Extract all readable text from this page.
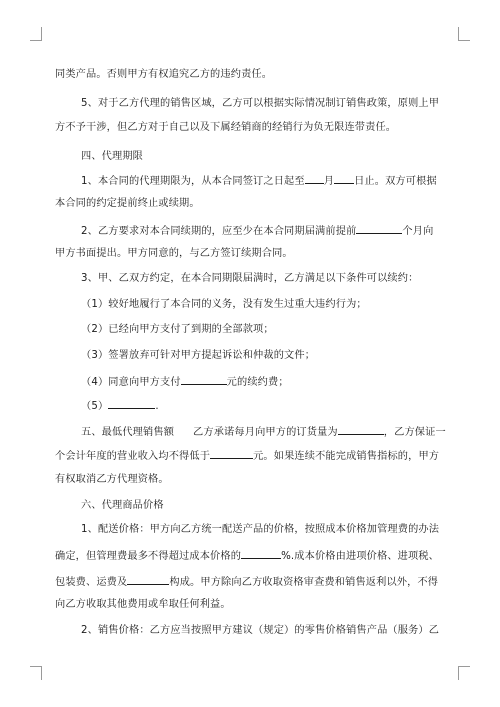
同类产品。否则甲方有权追究乙方的违约责任。
5、对于乙方代理的销售区域，乙方可以根据实际情况制订销售政策，原则上甲
方不予干涉，但乙方对于自己以及下属经销商的经销行为负无限连带责任。
四、代理期限
1、本合同的代理期限为，从本合同签订之日起至 月 日止。双方可根据
本合同的约定提前终止或续期。
2、乙方要求对本合同续期的，应至少在本合同期届满前提前	个月向
甲方书面提出。甲方同意的，与乙方签订续期合同。
3、甲、乙双方约定，在本合同期限届满时，乙方满足以下条件可以续约：
（1）较好地履行了本合同的义务，没有发生过重大违约行为；
（2）已经向甲方支付了到期的全部款项；
（3）签署放弃可针对甲方提起诉讼和仲裁的文件；
（4）同意向甲方支付	元的续约费；
（5）	.
五、最低代理销售额 乙方承诺每月向甲方的订货量为	，乙方保证一
个会计年度的营业收入均不得低于	元。如果连续不能完成销售指标的，甲方
有权取消乙方代理资格。
六、代理商品价格
1、配送价格：甲方向乙方统一配送产品的价格，按照成本价格加管理费的办法
确定，但管理费最多不得超过成本价格的	%.成本价格由进项价格、进项税、
包装费、运费及	构成。甲方除向乙方收取资格审查费和销售返利以外，不得
向乙方收取其他费用或牟取任何利益。
2、销售价格：乙方应当按照甲方建议（规定）的零售价格销售产品（服务）乙
